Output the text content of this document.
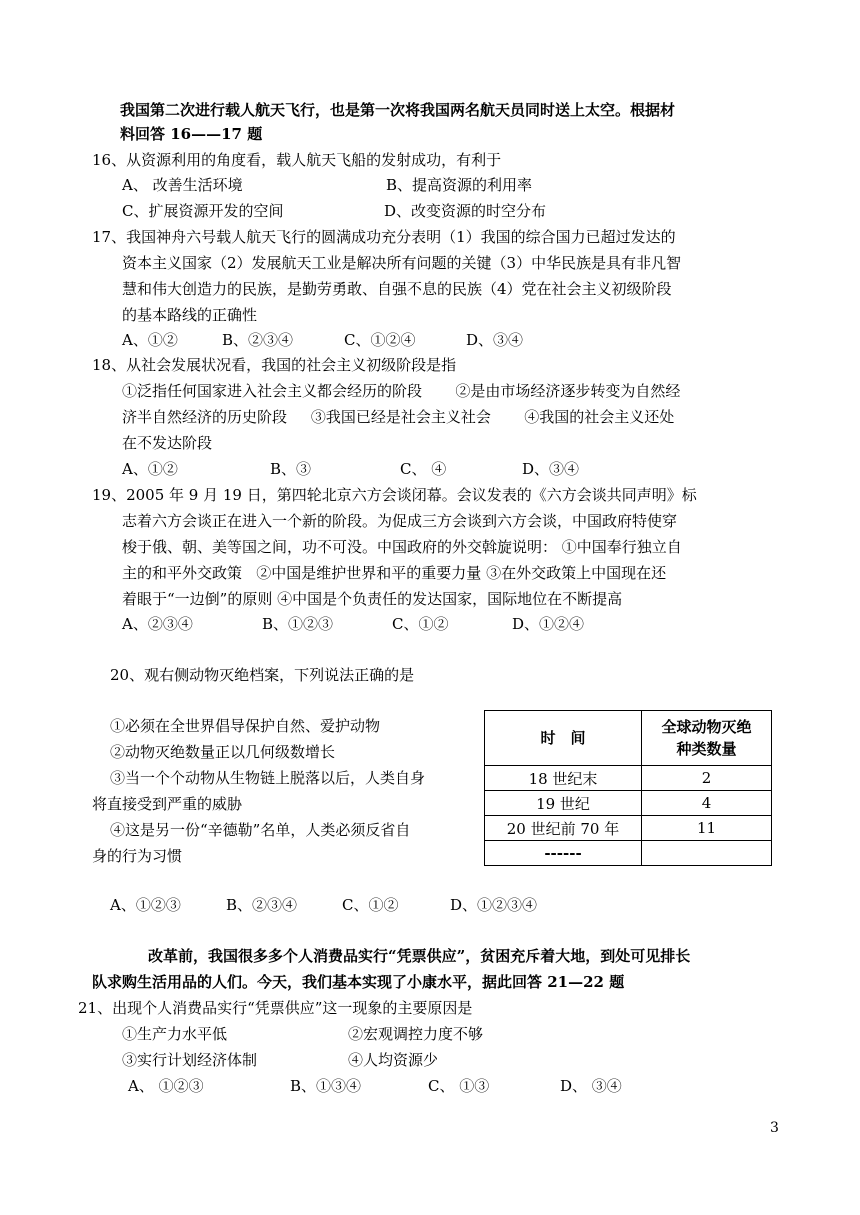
我国第二次进行载人航天飞行，也是第一次将我国两名航天员同时送上太空。根据材
料回答 16——17 题
16、从资源利用的角度看，载人航天飞船的发射成功，有利于
A、 改善生活环境	B、提高资源的利用率
C、扩展资源开发的空间	D、改变资源的时空分布
17、我国神舟六号载人航天飞行的圆满成功充分表明（1）我国的综合国力已超过发达的
资本主义国家（2）发展航天工业是解决所有问题的关键（3）中华民族是具有非凡智
慧和伟大创造力的民族，是勤劳勇敢、自强不息的民族（4）党在社会主义初级阶段
的基本路线的正确性
A、①②	B、②③④	C、①②④	D、③④
18、从社会发展状况看，我国的社会主义初级阶段是指
①泛指任何国家进入社会主义都会经历的阶段       ②是由市场经济逐步转变为自然经
济半自然经济的历史阶段     ③我国已经是社会主义社会       ④我国的社会主义还处
在不发达阶段
A、①②	B、③	C、 ④	D、③④
19、2005 年 9 月 19 日，第四轮北京六方会谈闭幕。会议发表的《六方会谈共同声明》标
志着六方会谈正在进入一个新的阶段。为促成三方会谈到六方会谈，中国政府特使穿
梭于俄、朝、美等国之间，功不可没。中国政府的外交斡旋说明： ①中国奉行独立自
主的和平外交政策   ②中国是维护世界和平的重要力量 ③在外交政策上中国现在还
着眼于“一边倒”的原则 ④中国是个负责任的发达国家，国际地位在不断提高
A、②③④	B、①②③	C、①②	D、①②④
20、观右侧动物灭绝档案，下列说法正确的是
①必须在全世界倡导保护自然、爱护动物
②动物灭绝数量正以几何级数增长
③当一个个动物从生物链上脱落以后，人类自身
将直接受到严重的威胁
④这是另一份“辛德勒”名单，人类必须反省自
身的行为习惯
时　间	全球动物灭绝
种类数量
18 世纪末	2
19 世纪	4
20 世纪前 70 年	11
------	
A、①②③	B、②③④	C、①②	D、①②③④
改革前，我国很多多个人消费品实行“凭票供应”，贫困充斥着大地，到处可见排长
队求购生活用品的人们。今天，我们基本实现了小康水平，据此回答 21—22 题
21、出现个人消费品实行“凭票供应”这一现象的主要原因是
①生产力水平低	②宏观调控力度不够
③实行计划经济体制	④人均资源少
A、 ①②③	B、①③④	C、 ①③	D、 ③④
3
